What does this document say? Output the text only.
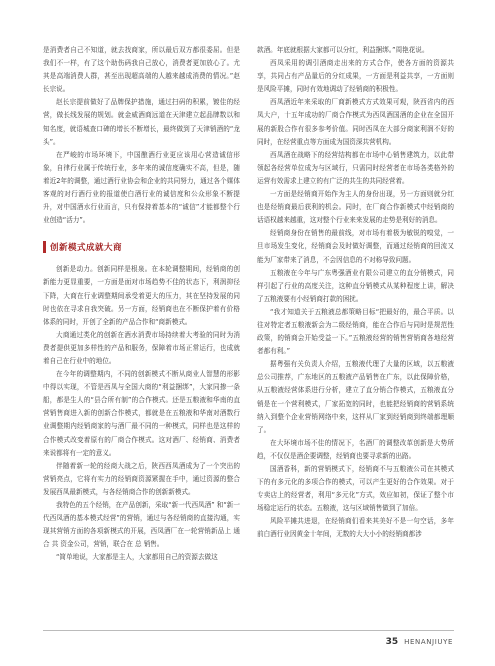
是消费者自己不知道，就去找商家，所以最后双方都很委屈。但是我们不一样，有了这个助伤码我自己放心，消费者更加放心了。尤其是高端消费人群，甚至出现超高端的人越来越成消费的情况。”赵长宗说。

赵长宗提前做好了品牌保护措施，通过扫码的积累，镀佳的经营，做长线发展的规划。就金威酒商远道在天津建立起品牌数以和知名度，就语城查口碑的增长不断增长，最终做到了天津销酒的“龙头”。

在严峻的市场环境下，中国酿酒行业更应该用心营造诚信形象，自律行业属于传统行业，多年来的诚信度确实不高，但是，随着近2年的调整，通过酒行业协会和企业的共同努力，通过各个媒体客观的对行酒行业的报道使白酒行业的诚信度和公众形象不断提升，对中国酒水行业而言，只有保持着基本的“诚信”才能都整个行业创造“活力”。

创新模式成就大商

创新是动力。创新同样是根泉。在本轮调整期间，经销商的创新能力更显重要，一方面是面对市场趋势不佳的状态下，利润抑径下降，大商在行业调整期间承受着更大的压力，其在坚持发展的同时也依在寻求自我突破。另一方面，经销商也在不断保护着有价格体系的同时，开创了全新的产品合作和“商新模式。

大商通过类化的创新在酒水消费市场持续着大考验的同时为消费者提供更加多样性的产品和服务，保障着市场正常运行，也成就着自己在行业中的地位。

在今年的调整期内，不同的创新模式不断从商业人智慧的形影中得以实现，不管是西凤与全国大商的“利益捆绑”，大家同掺一条船，都是生人的“县合所有制”的合作模式。还是五粮液和华南的直营销售商进入新的创新合作模式，都就是在五粮液和华南对酒数行业调整期内经销商家的与酒厂最不同的一种模式，同样也是这样的合作模式改变着原有的厂商合作模式。这对酒厂、经销商、消费者来说都将有一定的意义。

伴随着新一轮的经商大战之后，陕西西凤酒成为了一个突出的营销亮点，它将有实力的经销商资源紧握在手中，通过资源的整合发展西凤最新模式，与各经销商合作的创新新模式。

我特色的五个经销，在产品创新，采取“新一代西凤酒” 和“新一代西凤酒的基本模式经营”的营销，通过与各经销商的直接沟通，实现其营销方面的各项新模式的开展，西凤酒厂在一轮营销新品上 通 合 共 资金公司，营销，联合在 总 销售。

“简单地说，大家都是主人，大家都用自己的资源去做这

款酒。年底就根据大家都可以分红，利益捆绑。”周艳花说。

西凤采用的调引酒商走出来的方式合作，使各方面的资源共享，共同占有产品量后的分红成果，一方面是利益共享，一方面则是风险平摊，同时有效地调动了经销商的积极性。

西凤酒近年来采取的厂商新模式方式效果可观，陕西省内的西凤大户，十五年成功的厂商合作模式为西凤酒国酒的企业在全国开展的新股合作有很多参考价值。同时西凤在大部分商家利润不好的同时，在经营重点等方面成为国资深共营机构。

西凤酒在战略下的经营结构都在市场中心销售建筑力，以此带领起各经营单位成为与区域行，只需同时经营者在市场各类格外的运营有效需求上建立的有广泛的共生的共同经营着。

一方面是经销商开始作为主人的身份出现，另一方面则就分红也是经销商最后获利的机会。同时，在厂商合作新模式中经销商的话语权越来越重，这对整个行业来来发展的走势是利好的消息。

经销商身份在销售的最前线，对市场有着极为敏锐的嗅觉，一旦市场发生变化，经销商会及时做好调整，而通过经销商的回流又能为厂家带来了消息，不会因信息的不对称导致问题。

五粮液在今年与广东粤强酒业有限公司建立的直分销模式，同样引起了行业的高度关注，这种直分销模式从某种程度上讲，解决了五粮液要有小经销商打款的困扰。

“我才知道关于五粮液总都策略目标“把最好的，最合平质。以往对特定者五粮液新会为二级经销商，能在合作后与同时是规范性政策，的销商会开始受益一下。”五粮液经营的销售营销商各地经营者都有利。”

据粤强有关负责人介绍，五粮液代理了大量的区域，以五粮液总公司推荐，广东地区的五粮液产品销售在广东，以此保障价格，从五粮液经营体系进行分析，建立了直分销合作模式，五粮液直分销是在一个营利模式，厂家拓宽的同时，也能把经销商的营销系统纳入到整个企业营销网络中来，这样从厂家到经销商到终端都理顺了。

在大环境市场不佳的情况下，名酒厂的调整改革创新是大势所趋，不仅仅是酒企要调整，经销商也要寻求新的出路。

国酒香科，新的营销模式下，经销商不与五粮液公司在其模式下的有多元化的多项合作的模式，可以产生更好的合作效果。对于专卖店上的经营者，利用“多元化”方式，效应如初，保证了整个市场稳定运行的状态。五粮液，这与区域销售做到了加倍。

风险平摊共进退，在经销商们看来其美好不是一句空话，多年前白酒行业因黄金十年间，无数的大大小小的经销商都涉

35 HENANJIUYE
